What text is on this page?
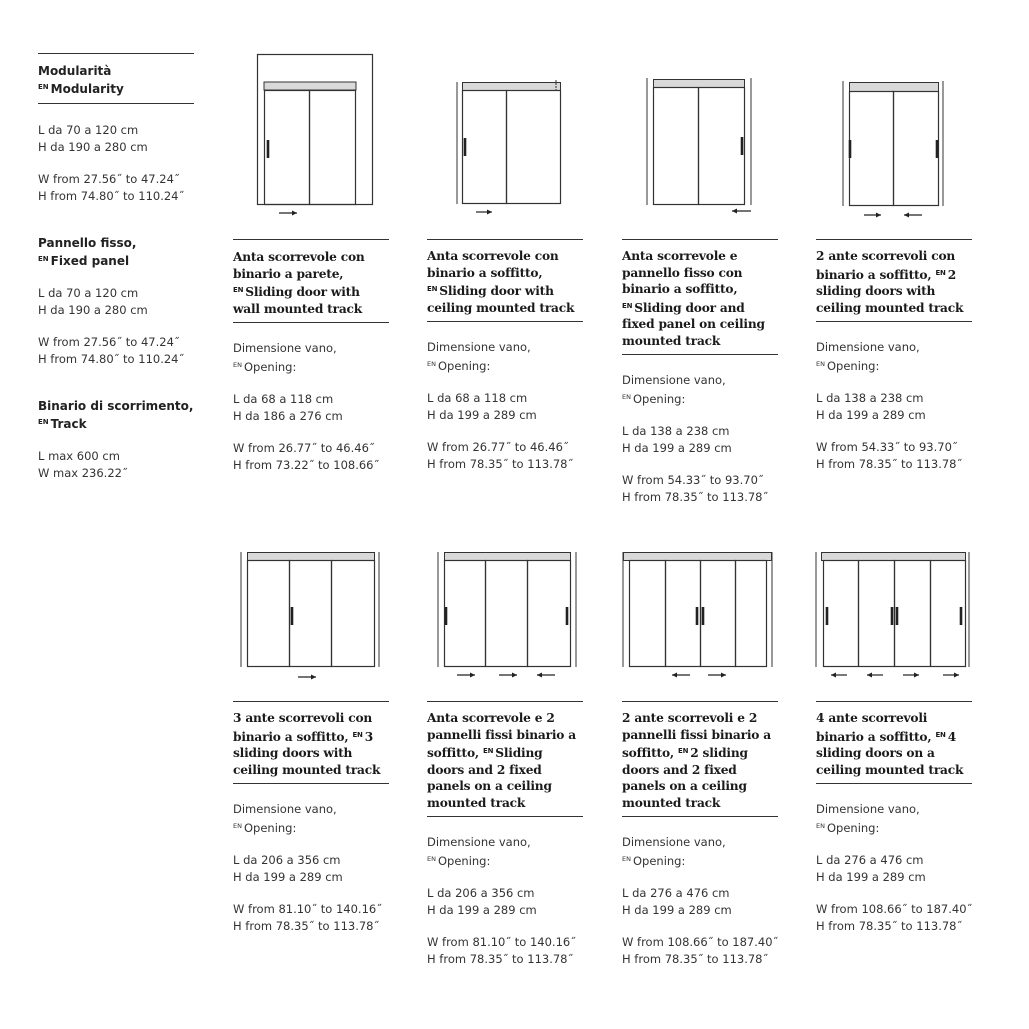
Modularità
$^{EN}$ Modularity
L da 70 a 120 cm
H da 190 a 280 cm
W from 27.56˝ to 47.24˝
H from 74.80˝ to 110.24˝
Pannello fisso,
$^{EN}$ Fixed panel
L da 70 a 120 cm
H da 190 a 280 cm
W from 27.56˝ to 47.24˝
H from 74.80˝ to 110.24˝
Binario di scorrimento,
$^{EN}$ Track
L max 600 cm
W max 236.22˝
Anta scorrevole con binario a parete, $^{EN}$ Sliding door with wall mounted track
Dimensione vano,
$^{EN}$ Opening:
L da 68 a 118 cm
H da 186 a 276 cm
W from 26.77˝ to 46.46˝
H from 73.22˝ to 108.66˝
Anta scorrevole con binario a soffitto, $^{EN}$ Sliding door with ceiling mounted track
Dimensione vano,
$^{EN}$ Opening:
L da 68 a 118 cm
H da 199 a 289 cm
W from 26.77˝ to 46.46˝
H from 78.35˝ to 113.78˝
Anta scorrevole e pannello fisso con binario a soffitto, $^{EN}$ Sliding door and fixed panel on ceiling mounted track
Dimensione vano,
$^{EN}$ Opening:
L da 138 a 238 cm
H da 199 a 289 cm
W from 54.33˝ to 93.70˝
H from 78.35˝ to 113.78˝
2 ante scorrevoli con binario a soffitto, $^{EN}$ 2 sliding doors with ceiling mounted track
Dimensione vano,
$^{EN}$ Opening:
L da 138 a 238 cm
H da 199 a 289 cm
W from 54.33˝ to 93.70˝
H from 78.35˝ to 113.78˝
3 ante scorrevoli con binario a soffitto, $^{EN}$ 3 sliding doors with ceiling mounted track
Dimensione vano,
$^{EN}$ Opening:
L da 206 a 356 cm
H da 199 a 289 cm
W from 81.10˝ to 140.16˝
H from 78.35˝ to 113.78˝
Anta scorrevole e 2 pannelli fissi binario a soffitto, $^{EN}$ Sliding doors and 2 fixed panels on a ceiling mounted track
Dimensione vano,
$^{EN}$ Opening:
L da 206 a 356 cm
H da 199 a 289 cm
W from 81.10˝ to 140.16˝
H from 78.35˝ to 113.78˝
2 ante scorrevoli e 2 pannelli fissi binario a soffitto, $^{EN}$ 2 sliding doors and 2 fixed panels on a ceiling mounted track
Dimensione vano,
$^{EN}$ Opening:
L da 276 a 476 cm
H da 199 a 289 cm
W from 108.66˝ to 187.40˝
H from 78.35˝ to 113.78˝
4 ante scorrevoli binario a soffitto, $^{EN}$ 4 sliding doors on a ceiling mounted track
Dimensione vano,
$^{EN}$ Opening:
L da 276 a 476 cm
H da 199 a 289 cm
W from 108.66˝ to 187.40˝
H from 78.35˝ to 113.78˝
